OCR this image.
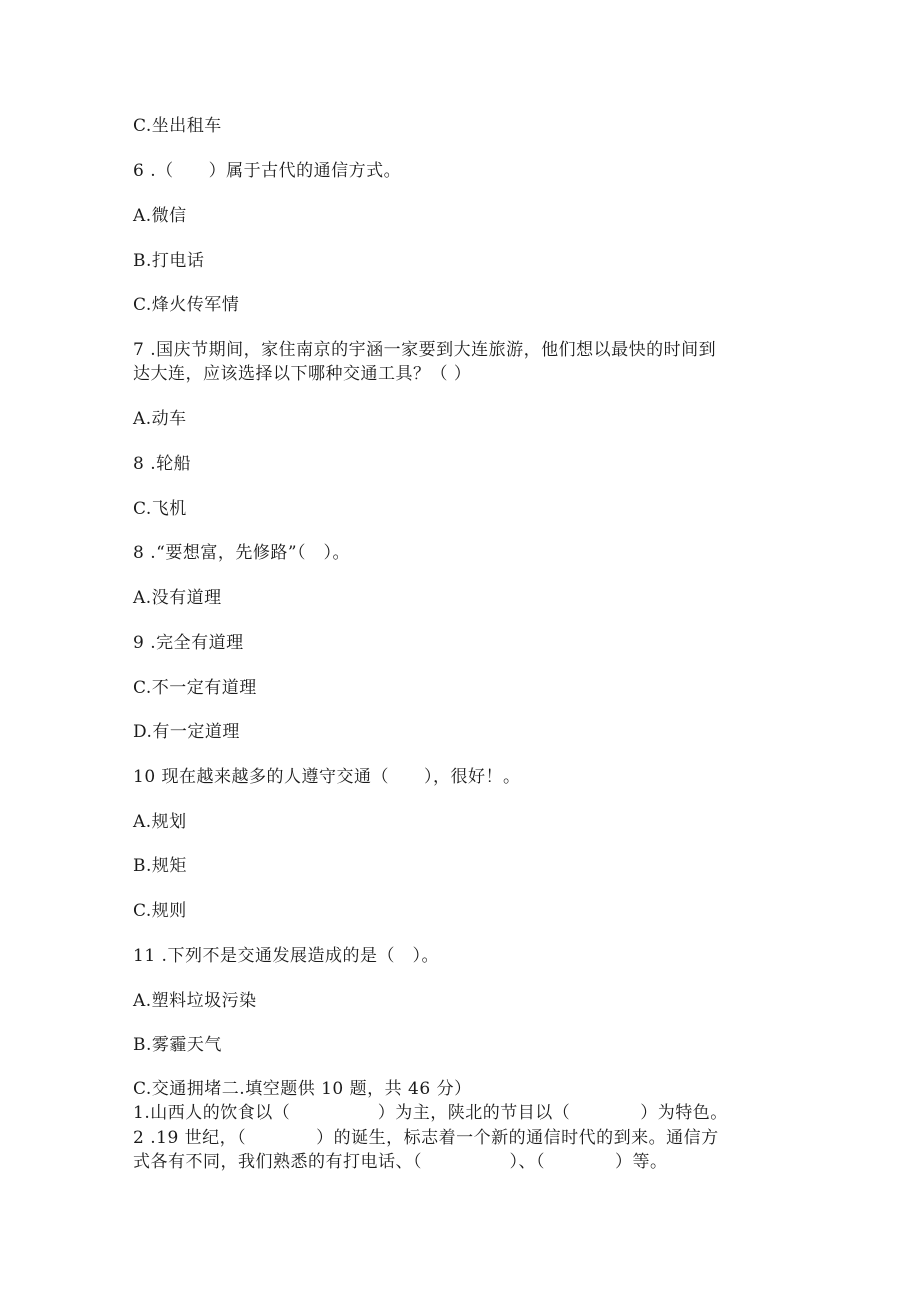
C.坐出租车
6 .（　　）属于古代的通信方式。
A.微信
B.打电话
C.烽火传军情
7 .国庆节期间，家住南京的宇涵一家要到大连旅游，他们想以最快的时间到
达大连，应该选择以下哪种交通工具？（ ）
A.动车
8 .轮船
C.飞机
8 .“要想富，先修路”（　）。
A.没有道理
9 .完全有道理
C.不一定有道理
D.有一定道理
10 现在越来越多的人遵守交通（　　），很好！。
A.规划
B.规矩
C.规则
11 .下列不是交通发展造成的是（　）。
A.塑料垃圾污染
B.雾霾天气
C.交通拥堵二.填空题供 10 题，共 46 分）
1.山西人的饮食以（　　　　　）为主，陕北的节目以（　　　　）为特色。
2 .19 世纪，（　　　　）的诞生，标志着一个新的通信时代的到来。通信方
式各有不同，我们熟悉的有打电话、（　　　　　）、（　　　　）等。
